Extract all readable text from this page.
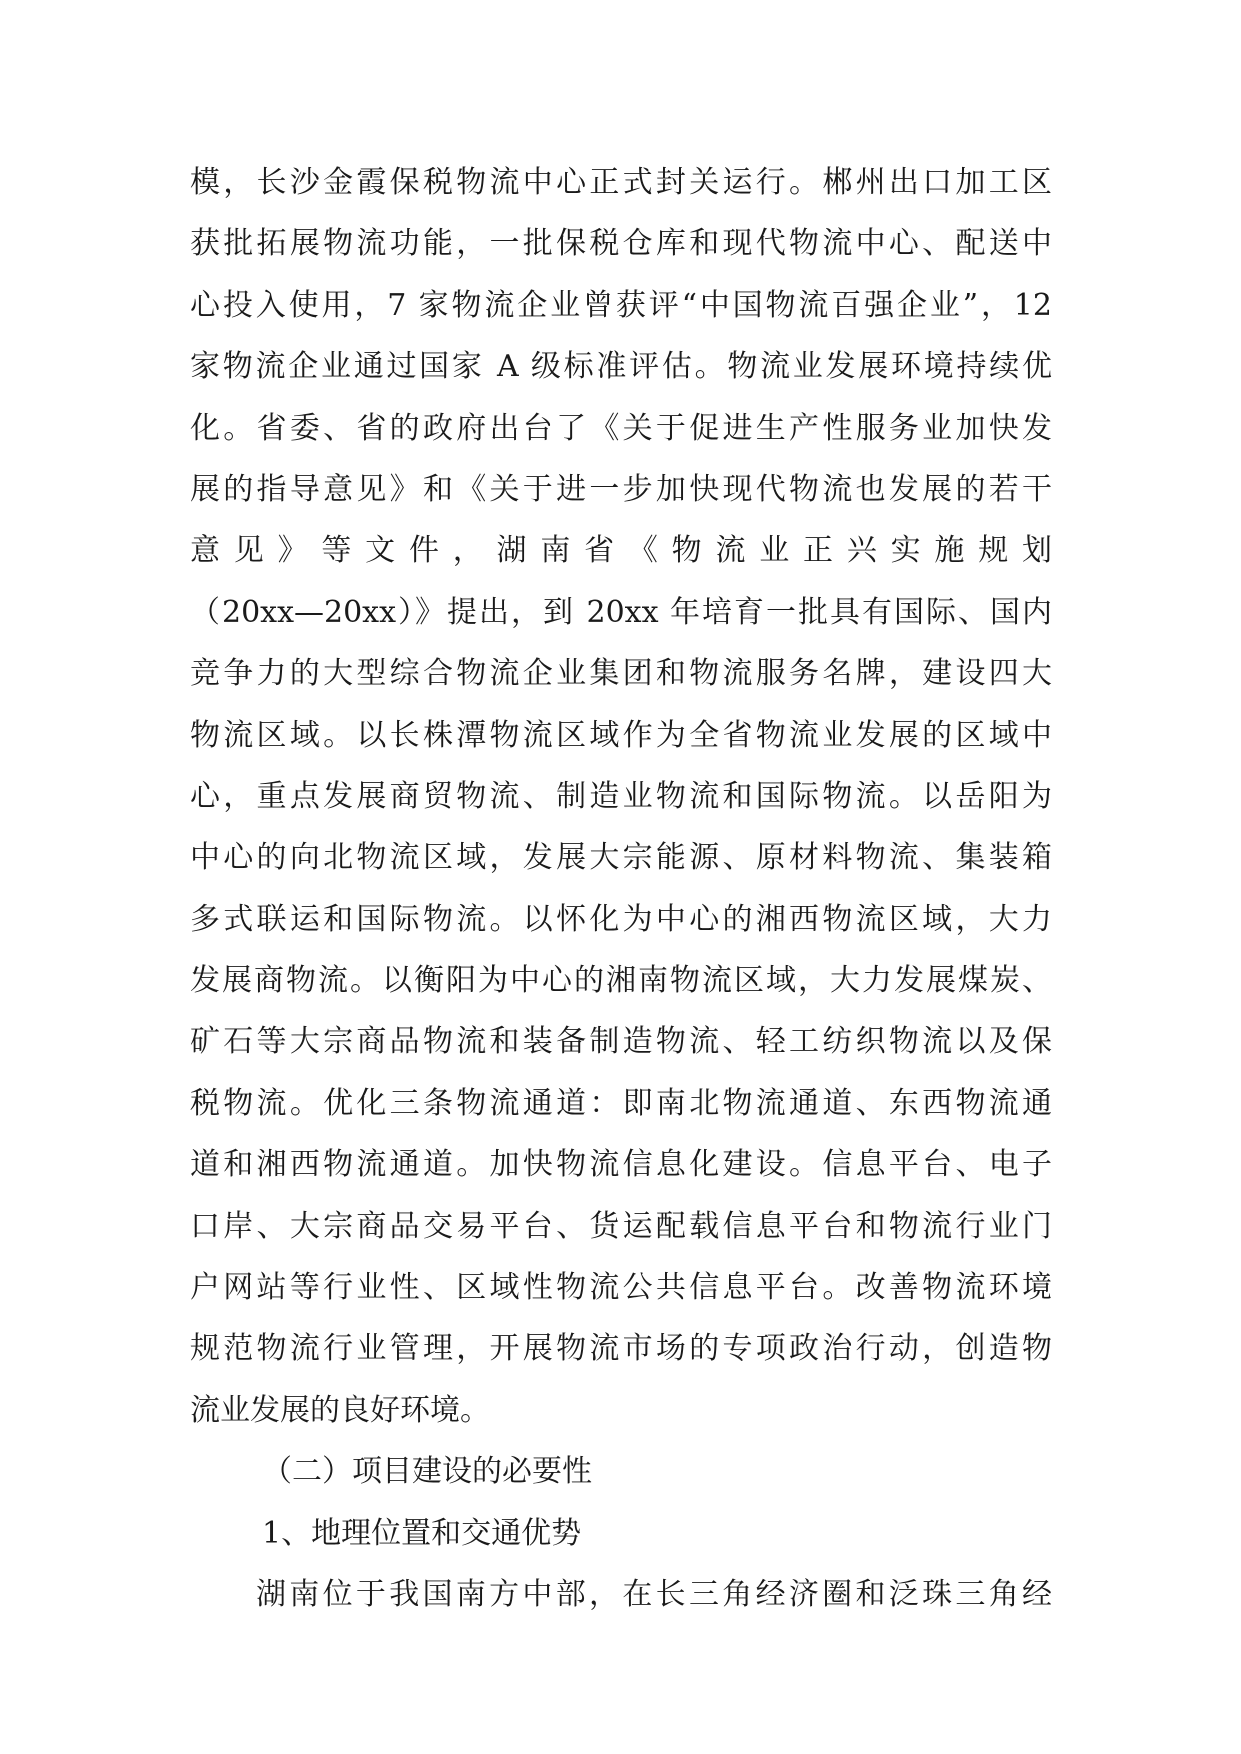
模，长沙金霞保税物流中心正式封关运行。郴州出口加工区
获批拓展物流功能，一批保税仓库和现代物流中心、配送中
心投入使用，7 家物流企业曾获评“中国物流百强企业”，12
家物流企业通过国家 A 级标准评估。物流业发展环境持续优
化。省委、省的政府出台了《关于促进生产性服务业加快发
展的指导意见》和《关于进一步加快现代物流也发展的若干
意 见 》 等 文 件 ， 湖 南 省 《 物 流 业 正 兴 实 施 规 划
（20xx—20xx）》提出，到 20xx 年培育一批具有国际、国内
竞争力的大型综合物流企业集团和物流服务名牌，建设四大
物流区域。以长株潭物流区域作为全省物流业发展的区域中
心，重点发展商贸物流、制造业物流和国际物流。以岳阳为
中心的向北物流区域，发展大宗能源、原材料物流、集装箱
多式联运和国际物流。以怀化为中心的湘西物流区域，大力
发展商物流。以衡阳为中心的湘南物流区域，大力发展煤炭、
矿石等大宗商品物流和装备制造物流、轻工纺织物流以及保
税物流。优化三条物流通道：即南北物流通道、东西物流通
道和湘西物流通道。加快物流信息化建设。信息平台、电子
口岸、大宗商品交易平台、货运配载信息平台和物流行业门
户网站等行业性、区域性物流公共信息平台。改善物流环境
规范物流行业管理，开展物流市场的专项政治行动，创造物
流业发展的良好环境。
（二）项目建设的必要性
1、地理位置和交通优势
湖南位于我国南方中部，在长三角经济圈和泛珠三角经
